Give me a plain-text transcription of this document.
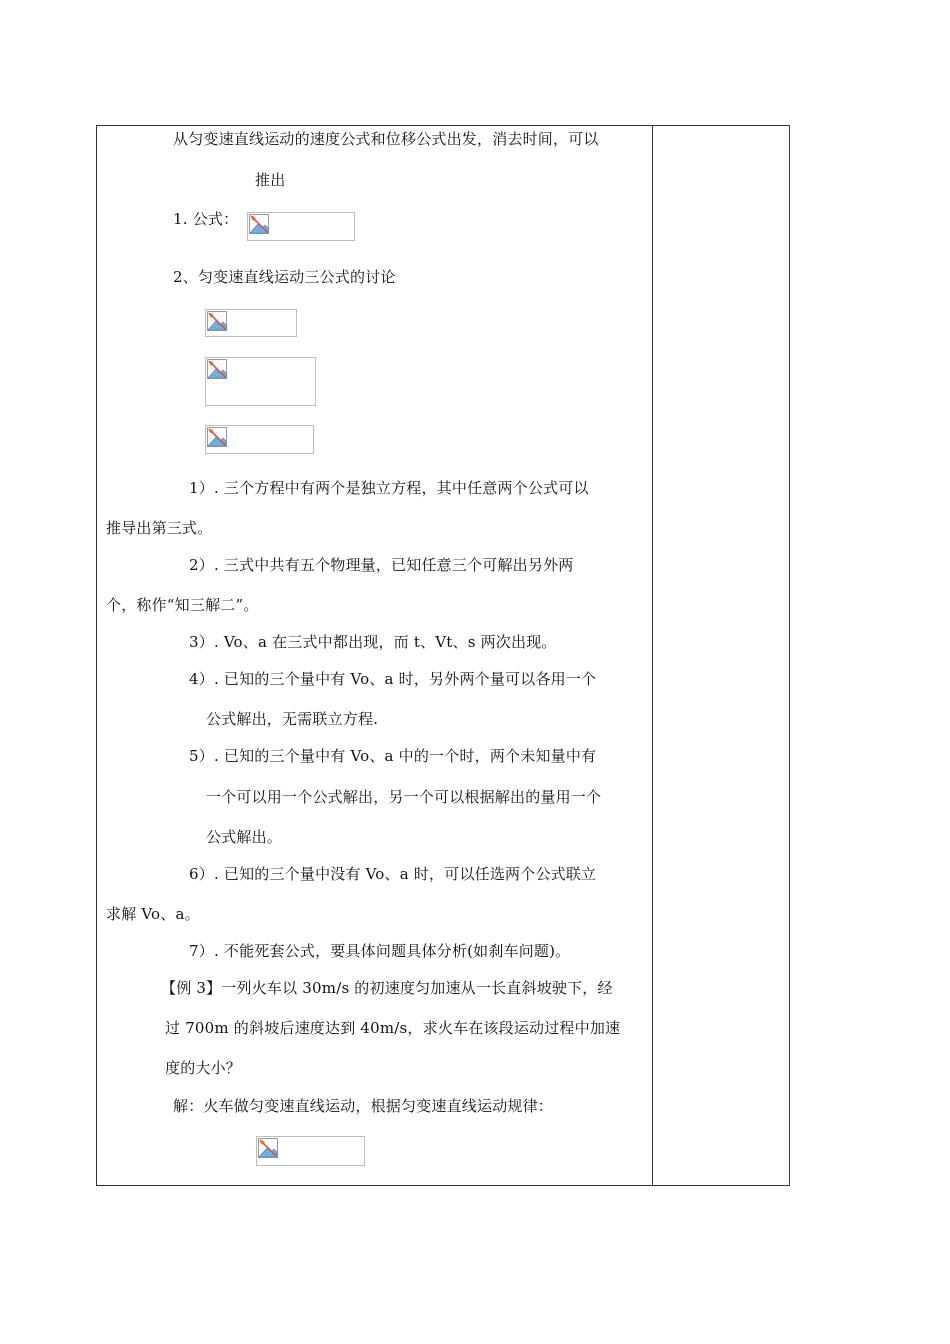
从匀变速直线运动的速度公式和位移公式出发，消去时间，可以
推出
1. 公式：
2、匀变速直线运动三公式的讨论
1）. 三个方程中有两个是独立方程，其中任意两个公式可以
推导出第三式。
2）. 三式中共有五个物理量，已知任意三个可解出另外两
个，称作“知三解二”。
3）. Vo、a 在三式中都出现，而 t、Vt、s 两次出现。
4）. 已知的三个量中有 Vo、a 时，另外两个量可以各用一个
公式解出，无需联立方程.
5）. 已知的三个量中有 Vo、a 中的一个时，两个未知量中有
一个可以用一个公式解出，另一个可以根据解出的量用一个
公式解出。
6）. 已知的三个量中没有 Vo、a 时，可以任选两个公式联立
求解 Vo、a。
7）. 不能死套公式，要具体问题具体分析(如刹车问题)。
【例 3】一列火车以 30m/s 的初速度匀加速从一长直斜坡驶下，经
过 700m 的斜坡后速度达到 40m/s，求火车在该段运动过程中加速
度的大小？
解：火车做匀变速直线运动，根据匀变速直线运动规律：
